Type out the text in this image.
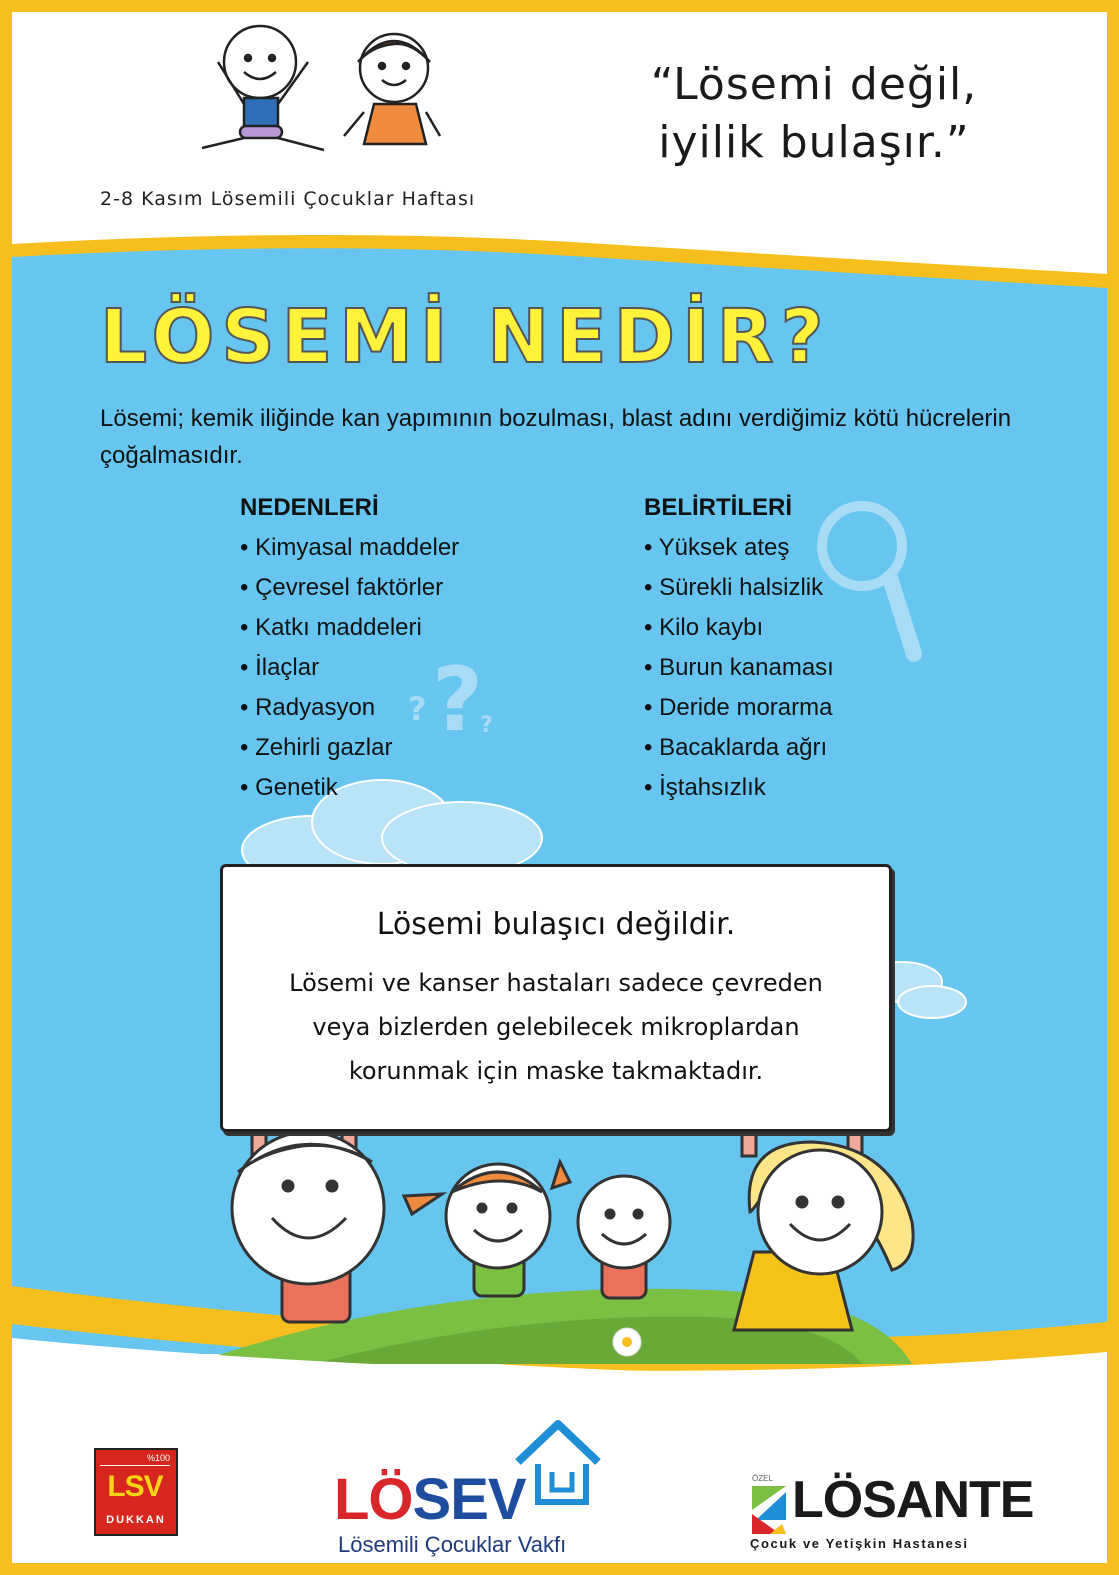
?
? ?
2-8 Kasım Lösemili Çocuklar Haftası
“Lösemi değil,
iyilik bulaşır.”
LÖSEMİ NEDİR?
Lösemi; kemik iliğinde kan yapımının bozulması, blast adını verdiğimiz kötü hücrelerin çoğalmasıdır.
NEDENLERİ
• Kimyasal maddeler
• Çevresel faktörler
• Katkı maddeleri
• İlaçlar
• Radyasyon
• Zehirli gazlar
• Genetik
BELİRTİLERİ
• Yüksek ateş
• Sürekli halsizlik
• Kilo kaybı
• Burun kanaması
• Deride morarma
• Bacaklarda ağrı
• İştahsızlık
Lösemi bulaşıcı değildir.
Lösemi ve kanser hastaları sadece çevreden
veya bizlerden gelebilecek mikroplardan
korunmak için maske takmaktadır.
%100
LSV
DUKKAN	LÖSEV
Lösemili Çocuklar Vakfı
ÖZEL LÖSANTE
Çocuk ve Yetişkin Hastanesi
